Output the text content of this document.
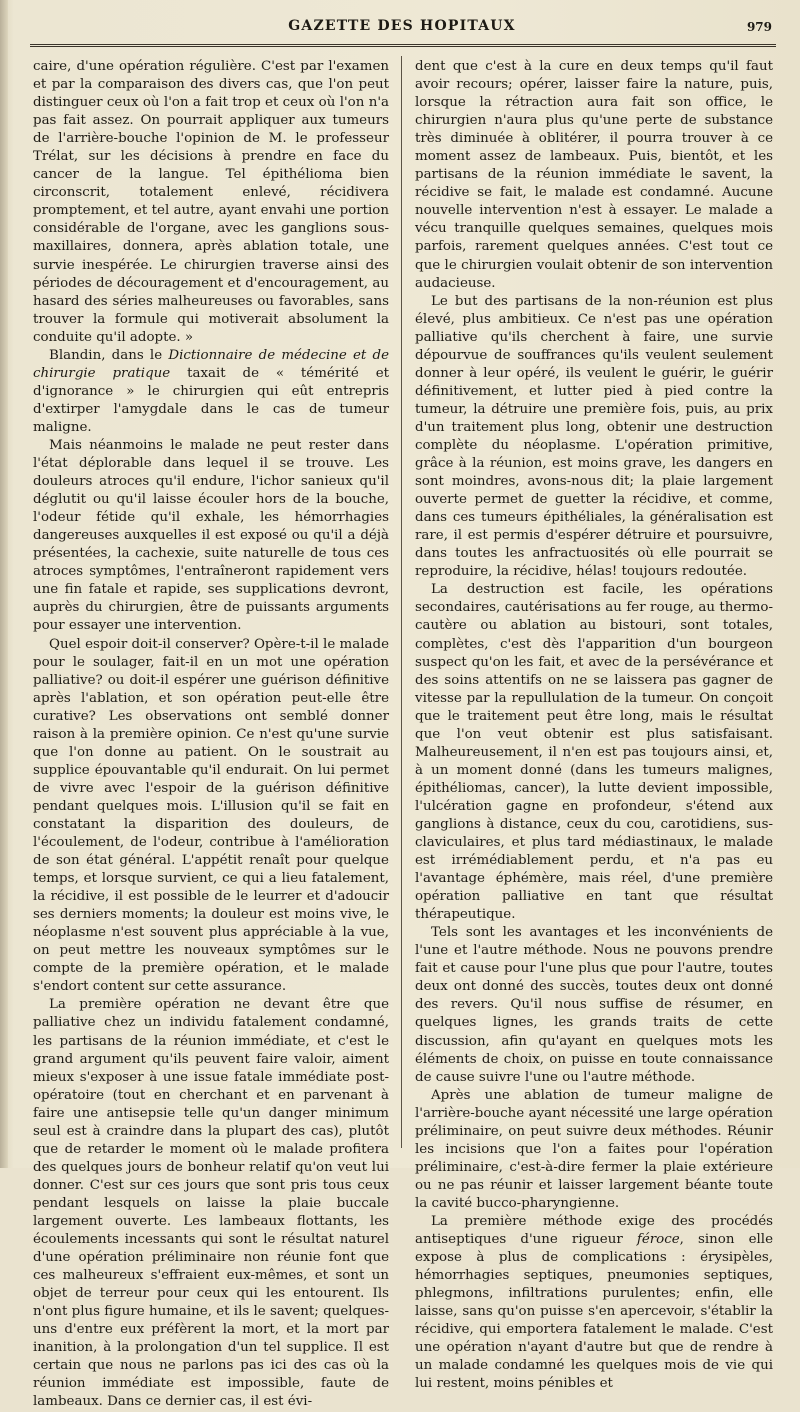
GAZETTE DES HOPITAUX	979

caire, d'une opération régulière. C'est par l'examen et par la comparaison des divers cas, que l'on peut distinguer ceux où l'on a fait trop et ceux où l'on n'a pas fait assez. On pourrait appliquer aux tumeurs de l'arrière-bouche l'opinion de M. le professeur Trélat, sur les décisions à prendre en face du cancer de la langue. Tel épithélioma bien circonscrit, totalement enlevé, récidivera promptement, et tel autre, ayant envahi une portion considérable de l'organe, avec les ganglions sous-maxillaires, donnera, après ablation totale, une survie inespérée. Le chirurgien traverse ainsi des périodes de découragement et d'encouragement, au hasard des séries malheureuses ou favorables, sans trouver la formule qui motiverait absolument la conduite qu'il adopte. »

Blandin, dans le Dictionnaire de médecine et de chirurgie pratique taxait de « témérité et d'ignorance » le chirurgien qui eût entrepris d'extirper l'amygdale dans le cas de tumeur maligne.

Mais néanmoins le malade ne peut rester dans l'état déplorable dans lequel il se trouve. Les douleurs atroces qu'il endure, l'ichor sanieux qu'il déglutit ou qu'il laisse écouler hors de la bouche, l'odeur fétide qu'il exhale, les hémorrhagies dangereuses auxquelles il est exposé ou qu'il a déjà présentées, la cachexie, suite naturelle de tous ces atroces symptômes, l'entraîneront rapidement vers une fin fatale et rapide, ses supplications devront, auprès du chirurgien, être de puissants arguments pour essayer une intervention.

Quel espoir doit-il conserver? Opère-t-il le malade pour le soulager, fait-il en un mot une opération palliative? ou doit-il espérer une guérison définitive après l'ablation, et son opération peut-elle être curative? Les observations ont semblé donner raison à la première opinion. Ce n'est qu'une survie que l'on donne au patient. On le soustrait au supplice épouvantable qu'il endurait. On lui permet de vivre avec l'espoir de la guérison définitive pendant quelques mois. L'illusion qu'il se fait en constatant la disparition des douleurs, de l'écoulement, de l'odeur, contribue à l'amélioration de son état général. L'appétit renaît pour quelque temps, et lorsque survient, ce qui a lieu fatalement, la récidive, il est possible de le leurrer et d'adoucir ses derniers moments; la douleur est moins vive, le néoplasme n'est souvent plus appréciable à la vue, on peut mettre les nouveaux symptômes sur le compte de la première opération, et le malade s'endort content sur cette assurance.

La première opération ne devant être que palliative chez un individu fatalement condamné, les partisans de la réunion immédiate, et c'est le grand argument qu'ils peuvent faire valoir, aiment mieux s'exposer à une issue fatale immédiate post-opératoire (tout en cherchant et en parvenant à faire une antisepsie telle qu'un danger minimum seul est à craindre dans la plupart des cas), plutôt que de retarder le moment où le malade profitera des quelques jours de bonheur relatif qu'on veut lui donner. C'est sur ces jours que sont pris tous ceux pendant lesquels on laisse la plaie buccale largement ouverte. Les lambeaux flottants, les écoulements incessants qui sont le résultat naturel d'une opération préliminaire non réunie font que ces malheureux s'effraient eux-mêmes, et sont un objet de terreur pour ceux qui les entourent. Ils n'ont plus figure humaine, et ils le savent; quelques-uns d'entre eux préfèrent la mort, et la mort par inanition, à la prolongation d'un tel supplice. Il est certain que nous ne parlons pas ici des cas où la réunion immédiate est impossible, faute de lambeaux. Dans ce dernier cas, il est évi-

dent que c'est à la cure en deux temps qu'il faut avoir recours; opérer, laisser faire la nature, puis, lorsque la rétraction aura fait son office, le chirurgien n'aura plus qu'une perte de substance très diminuée à oblitérer, il pourra trouver à ce moment assez de lambeaux. Puis, bientôt, et les partisans de la réunion immédiate le savent, la récidive se fait, le malade est condamné. Aucune nouvelle intervention n'est à essayer. Le malade a vécu tranquille quelques semaines, quelques mois parfois, rarement quelques années. C'est tout ce que le chirurgien voulait obtenir de son intervention audacieuse.

Le but des partisans de la non-réunion est plus élevé, plus ambitieux. Ce n'est pas une opération palliative qu'ils cherchent à faire, une survie dépourvue de souffrances qu'ils veulent seulement donner à leur opéré, ils veulent le guérir, le guérir définitivement, et lutter pied à pied contre la tumeur, la détruire une première fois, puis, au prix d'un traitement plus long, obtenir une destruction complète du néoplasme. L'opération primitive, grâce à la réunion, est moins grave, les dangers en sont moindres, avons-nous dit; la plaie largement ouverte permet de guetter la récidive, et comme, dans ces tumeurs épithéliales, la généralisation est rare, il est permis d'espérer détruire et poursuivre, dans toutes les anfractuosités où elle pourrait se reproduire, la récidive, hélas! toujours redoutée.

La destruction est facile, les opérations secondaires, cautérisations au fer rouge, au thermo-cautère ou ablation au bistouri, sont totales, complètes, c'est dès l'apparition d'un bourgeon suspect qu'on les fait, et avec de la persévérance et des soins attentifs on ne se laissera pas gagner de vitesse par la repullulation de la tumeur. On conçoit que le traitement peut être long, mais le résultat que l'on veut obtenir est plus satisfaisant. Malheureusement, il n'en est pas toujours ainsi, et, à un moment donné (dans les tumeurs malignes, épithéliomas, cancer), la lutte devient impossible, l'ulcération gagne en profondeur, s'étend aux ganglions à distance, ceux du cou, carotidiens, sus-claviculaires, et plus tard médiastinaux, le malade est irrémédiablement perdu, et n'a pas eu l'avantage éphémère, mais réel, d'une première opération palliative en tant que résultat thérapeutique.

Tels sont les avantages et les inconvénients de l'une et l'autre méthode. Nous ne pouvons prendre fait et cause pour l'une plus que pour l'autre, toutes deux ont donné des succès, toutes deux ont donné des revers. Qu'il nous suffise de résumer, en quelques lignes, les grands traits de cette discussion, afin qu'ayant en quelques mots les éléments de choix, on puisse en toute connaissance de cause suivre l'une ou l'autre méthode.

Après une ablation de tumeur maligne de l'arrière-bouche ayant nécessité une large opération préliminaire, on peut suivre deux méthodes. Réunir les incisions que l'on a faites pour l'opération préliminaire, c'est-à-dire fermer la plaie extérieure ou ne pas réunir et laisser largement béante toute la cavité bucco-pharyngienne.

La première méthode exige des procédés antiseptiques d'une rigueur féroce, sinon elle expose à plus de complications : érysipèles, hémorrhagies septiques, pneumonies septiques, phlegmons, infiltrations purulentes; enfin, elle laisse, sans qu'on puisse s'en apercevoir, s'établir la récidive, qui emportera fatalement le malade. C'est une opération n'ayant d'autre but que de rendre à un malade condamné les quelques mois de vie qui lui restent, moins pénibles et
